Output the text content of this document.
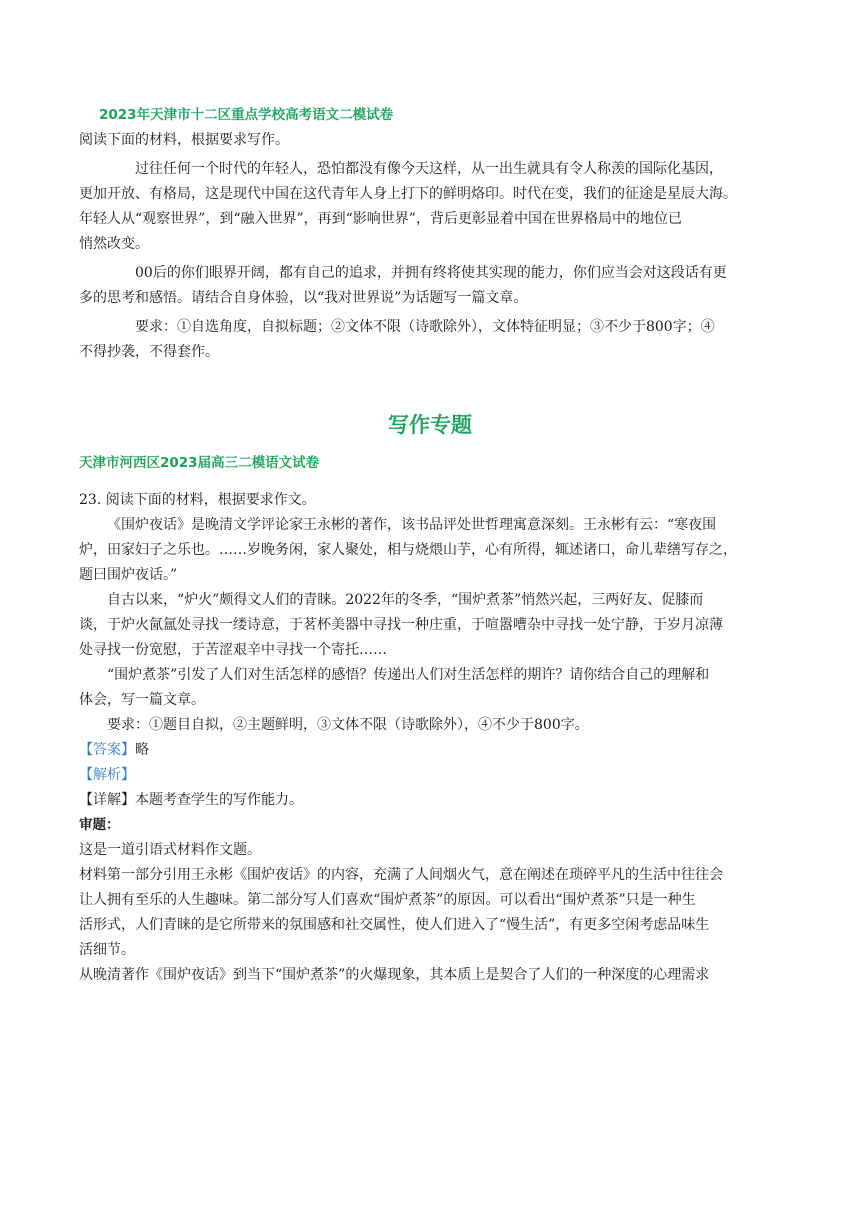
2023年天津市十二区重点学校高考语文二模试卷

阅读下面的材料，根据要求写作。

过往任何一个时代的年轻人，恐怕都没有像今天这样，从一出生就具有令人称羡的国际化基因，

更加开放、有格局，这是现代中国在这代青年人身上打下的鲜明烙印。时代在变，我们的征途是星辰大海。

年轻人从“观察世界”，到“融入世界”，再到“影响世界”，背后更彰显着中国在世界格局中的地位已

悄然改变。

00后的你们眼界开阔，都有自己的追求，并拥有终将使其实现的能力，你们应当会对这段话有更

多的思考和感悟。请结合自身体验，以“我对世界说”为话题写一篇文章。

要求：①自选角度，自拟标题；②文体不限（诗歌除外），文体特征明显；③不少于800字；④

不得抄袭，不得套作。

写作专题

天津市河西区2023届高三二模语文试卷

23. 阅读下面的材料，根据要求作文。

《围炉夜话》是晚清文学评论家王永彬的著作，该书品评处世哲理寓意深刻。王永彬有云：“寒夜围

炉，田家妇子之乐也。……岁晚务闲，家人聚处，相与烧煨山芋，心有所得，辄述诸口，命儿辈缮写存之，

题曰围炉夜话。”

自古以来，“炉火”颇得文人们的青睐。2022年的冬季，“围炉煮茶”悄然兴起，三两好友、促膝而

谈，于炉火氤氲处寻找一缕诗意，于茗杯美器中寻找一种庄重，于喧嚣嘈杂中寻找一处宁静，于岁月凉薄

处寻找一份宽慰，于苦涩艰辛中寻找一个寄托……

“围炉煮茶”引发了人们对生活怎样的感悟？传递出人们对生活怎样的期许？请你结合自己的理解和

体会，写一篇文章。

要求：①题目自拟，②主题鲜明，③文体不限（诗歌除外），④不少于800字。

【答案】略

【解析】

【详解】本题考查学生的写作能力。

审题：

这是一道引语式材料作文题。

材料第一部分引用王永彬《围炉夜话》的内容，充满了人间烟火气，意在阐述在琐碎平凡的生活中往往会

让人拥有至乐的人生趣味。第二部分写人们喜欢“围炉煮茶”的原因。可以看出“围炉煮茶”只是一种生

活形式，人们青睐的是它所带来的氛围感和社交属性，使人们进入了“慢生活”，有更多空闲考虑品味生

活细节。

从晚清著作《围炉夜话》到当下“围炉煮茶”的火爆现象，其本质上是契合了人们的一种深度的心理需求
